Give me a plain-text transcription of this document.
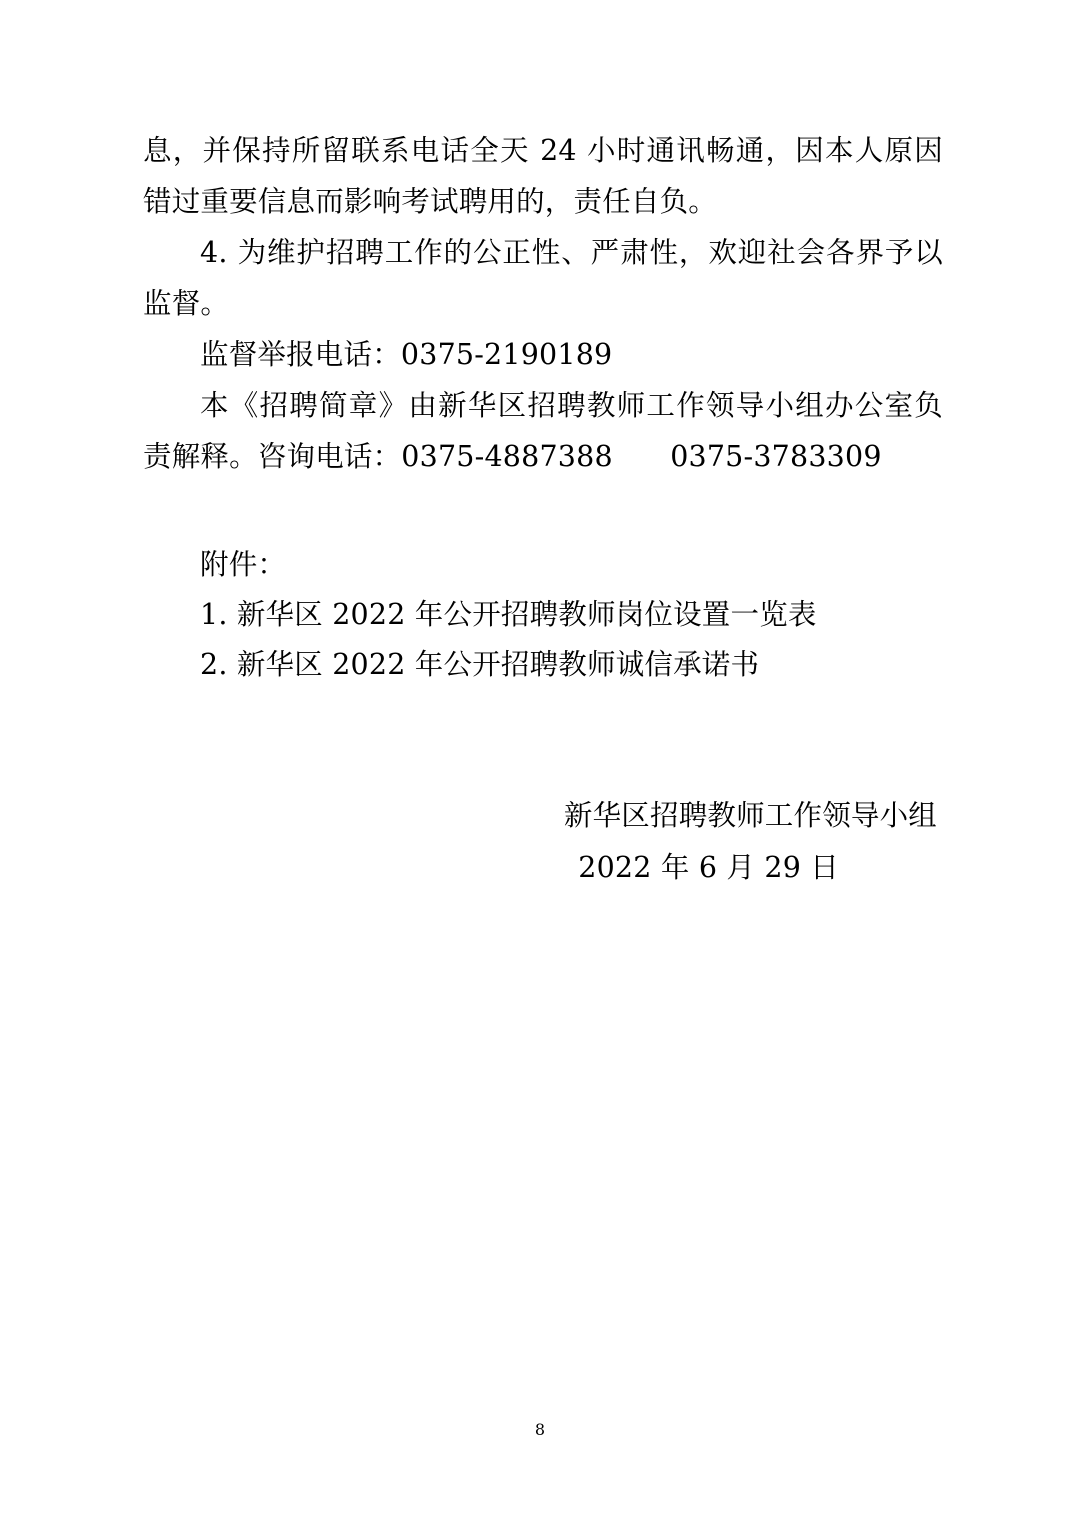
息，并保持所留联系电话全天 24 小时通讯畅通，因本人原因错过重要信息而影响考试聘用的，责任自负。

4. 为维护招聘工作的公正性、严肃性，欢迎社会各界予以监督。

监督举报电话：0375-2190189

本《招聘简章》由新华区招聘教师工作领导小组办公室负责解释。咨询电话：0375-4887388　　0375-3783309

附件：

1. 新华区 2022 年公开招聘教师岗位设置一览表

2. 新华区 2022 年公开招聘教师诚信承诺书

新华区招聘教师工作领导小组
2022 年 6 月 29 日
8
